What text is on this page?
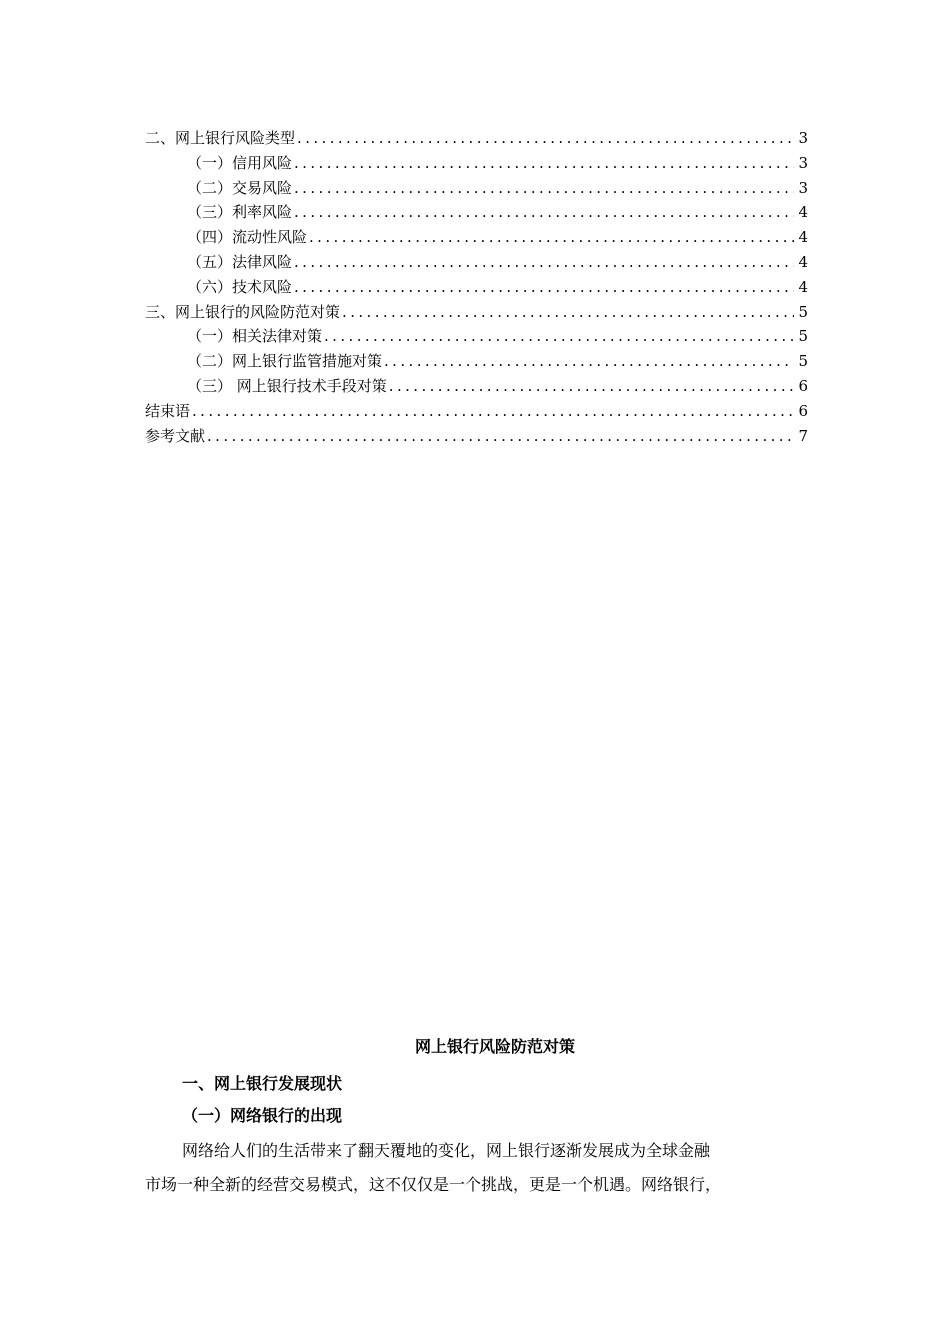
二、 网上银行风险类型 .....	3
（一）信用风险 .....	3
（二）交易风险 .....	3
（三）利率风险 .....	4
（四）流动性风险 .....	4
（五）法律风险 .....	4
（六）技术风险 .....	4
三、 网上银行的风险防范对策 .....	5
（一）相关法律对策 .....	5
（二）网上银行监管措施对策 .....	5
（三） 网上银行技术手段对策 .....	6
结束语 .....	6
参考文献 .....	7
网上银行风险防范对策
一、网上银行发展现状
（一）网络银行的出现
网络给人们的生活带来了翻天覆地的变化，网上银行逐渐发展成为全球金融
市场一种全新的经营交易模式，这不仅仅是一个挑战，更是一个机遇。网络银行，
